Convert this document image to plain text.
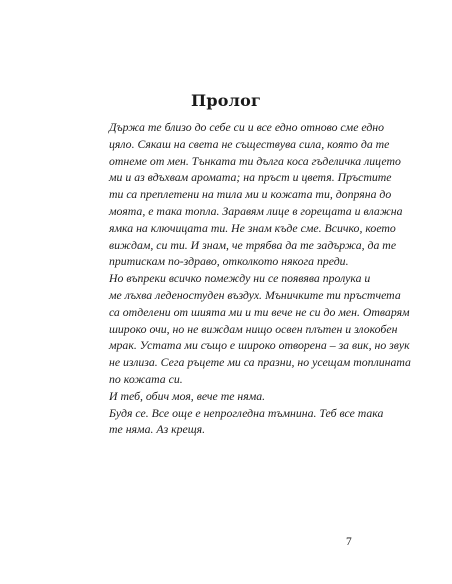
Пролог
Държа те близо до себе си и все едно отново сме едно
цяло. Сякаш на света не съществува сила, която да те
отнеме от мен. Тънката ти дълга коса гъделичка лицето
ми и аз вдъхвам аромата; на пръст и цветя. Пръстите
ти са преплетени на тила ми и кожата ти, допряна до
моята, е така топла. Заравям лице в горещата и влажна
ямка на ключицата ти. Не знам къде сме. Всичко, което
виждам, си ти. И знам, че трябва да те задържа, да те
притискам по-здраво, отколкото някога преди.
Но въпреки всичко помежду ни се появява пролука и
ме лъхва леденостуден въздух. Мъничките ти пръстчета
са отделени от шията ми и ти вече не си до мен. Отварям
широко очи, но не виждам нищо освен плътен и злокобен
мрак. Устата ми също е широко отворена – за вик, но звук
не излиза. Сега ръцете ми са празни, но усещам топлината
по кожата си.
И теб, обич моя, вече те няма.
Будя се. Все още е непрогледна тъмнина. Теб все така
те няма. Аз крещя.
7
